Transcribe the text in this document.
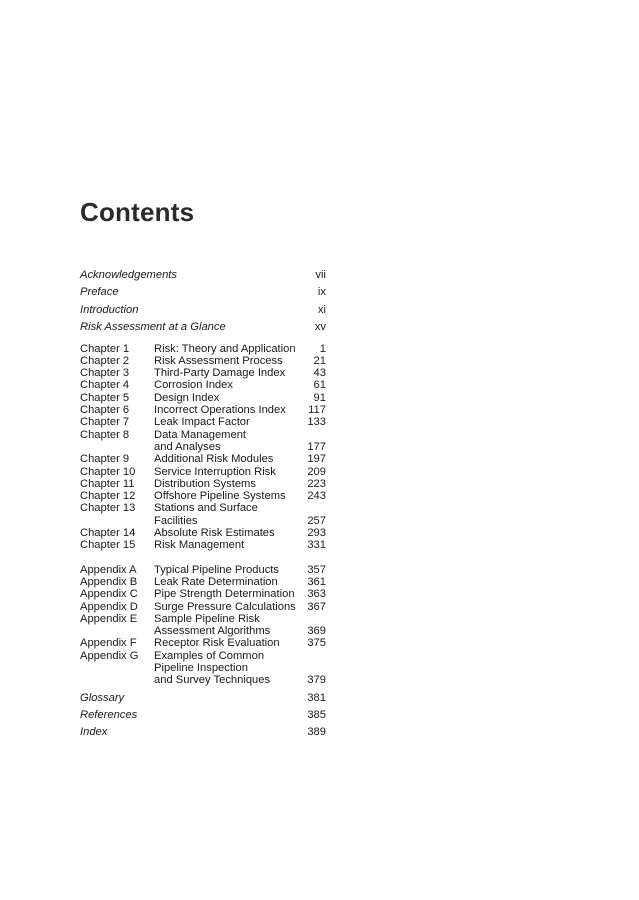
Contents
Acknowledgements	vii
Preface	ix
Introduction	xi
Risk Assessment at a Glance	xv
Chapter 1	Risk: Theory and Application	1
Chapter 2	Risk Assessment Process	21
Chapter 3	Third-Party Damage Index	43
Chapter 4	Corrosion Index	61
Chapter 5	Design Index	91
Chapter 6	Incorrect Operations Index	117
Chapter 7	Leak Impact Factor	133
Chapter 8	Data Management
and Analyses	177
Chapter 9	Additional Risk Modules	197
Chapter 10	Service Interruption Risk	209
Chapter 11	Distribution Systems	223
Chapter 12	Offshore Pipeline Systems	243
Chapter 13	Stations and Surface
Facilities	257
Chapter 14	Absolute Risk Estimates	293
Chapter 15	Risk Management	331
Appendix A	Typical Pipeline Products	357
Appendix B	Leak Rate Determination	361
Appendix C	Pipe Strength Determination	363
Appendix D	Surge Pressure Calculations	367
Appendix E	Sample Pipeline Risk
Assessment Algorithms	369
Appendix F	Receptor Risk Evaluation	375
Appendix G	Examples of Common
Pipeline Inspection
and Survey Techniques	379
Glossary	381
References	385
Index	389
